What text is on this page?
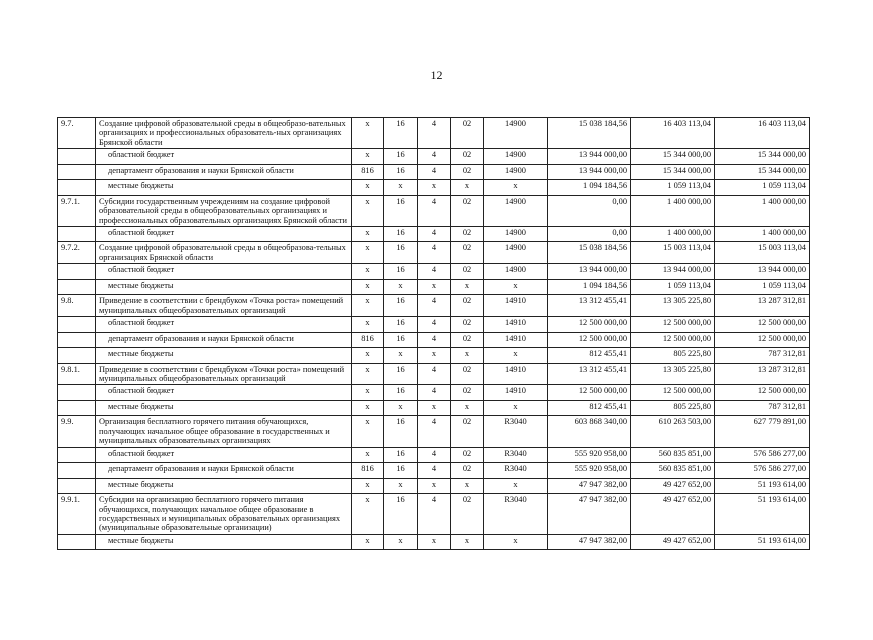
12
9.7.	Создание цифровой образовательной среды в общеобразо-вательных организациях и профессиональных образователь-ных организациях Брянской области	x	16	4	02	14900	15 038 184,56	16 403 113,04	16 403 113,04
	областной бюджет	x	16	4	02	14900	13 944 000,00	15 344 000,00	15 344 000,00
	департамент образования и науки Брянской области	816	16	4	02	14900	13 944 000,00	15 344 000,00	15 344 000,00
	местные бюджеты	x	x	x	x	x	1 094 184,56	1 059 113,04	1 059 113,04
9.7.1.	Субсидии государственным учреждениям на создание цифровой образовательной среды в общеобразовательных организациях и профессиональных образовательных организациях Брянской области	x	16	4	02	14900	0,00	1 400 000,00	1 400 000,00
	областной бюджет	x	16	4	02	14900	0,00	1 400 000,00	1 400 000,00
9.7.2.	Создание цифровой образовательной среды в общеобразова-тельных организациях Брянской области	x	16	4	02	14900	15 038 184,56	15 003 113,04	15 003 113,04
	областной бюджет	x	16	4	02	14900	13 944 000,00	13 944 000,00	13 944 000,00
	местные бюджеты	x	x	x	x	x	1 094 184,56	1 059 113,04	1 059 113,04
9.8.	Приведение в соответствии с брендбуком «Точка роста» помещений муниципальных общеобразовательных организаций	x	16	4	02	14910	13 312 455,41	13 305 225,80	13 287 312,81
	областной бюджет	x	16	4	02	14910	12 500 000,00	12 500 000,00	12 500 000,00
	департамент образования и науки Брянской области	816	16	4	02	14910	12 500 000,00	12 500 000,00	12 500 000,00
	местные бюджеты	x	x	x	x	x	812 455,41	805 225,80	787 312,81
9.8.1.	Приведение в соответствии с брендбуком «Точки роста» помещений муниципальных общеобразовательных организаций	x	16	4	02	14910	13 312 455,41	13 305 225,80	13 287 312,81
	областной бюджет	x	16	4	02	14910	12 500 000,00	12 500 000,00	12 500 000,00
	местные бюджеты	x	x	x	x	x	812 455,41	805 225,80	787 312,81
9.9.	Организация бесплатного горячего питания обучающихся, получающих начальное общее образование в государственных и муниципальных образовательных организациях	x	16	4	02	R3040	603 868 340,00	610 263 503,00	627 779 891,00
	областной бюджет	x	16	4	02	R3040	555 920 958,00	560 835 851,00	576 586 277,00
	департамент образования и науки Брянской области	816	16	4	02	R3040	555 920 958,00	560 835 851,00	576 586 277,00
	местные бюджеты	x	x	x	x	x	47 947 382,00	49 427 652,00	51 193 614,00
9.9.1.	Субсидии на организацию бесплатного горячего питания обучающихся, получающих начальное общее образование в государственных и муниципальных образовательных организациях (муниципальные образовательные организации)	x	16	4	02	R3040	47 947 382,00	49 427 652,00	51 193 614,00
	местные бюджеты	x	x	x	x	x	47 947 382,00	49 427 652,00	51 193 614,00
